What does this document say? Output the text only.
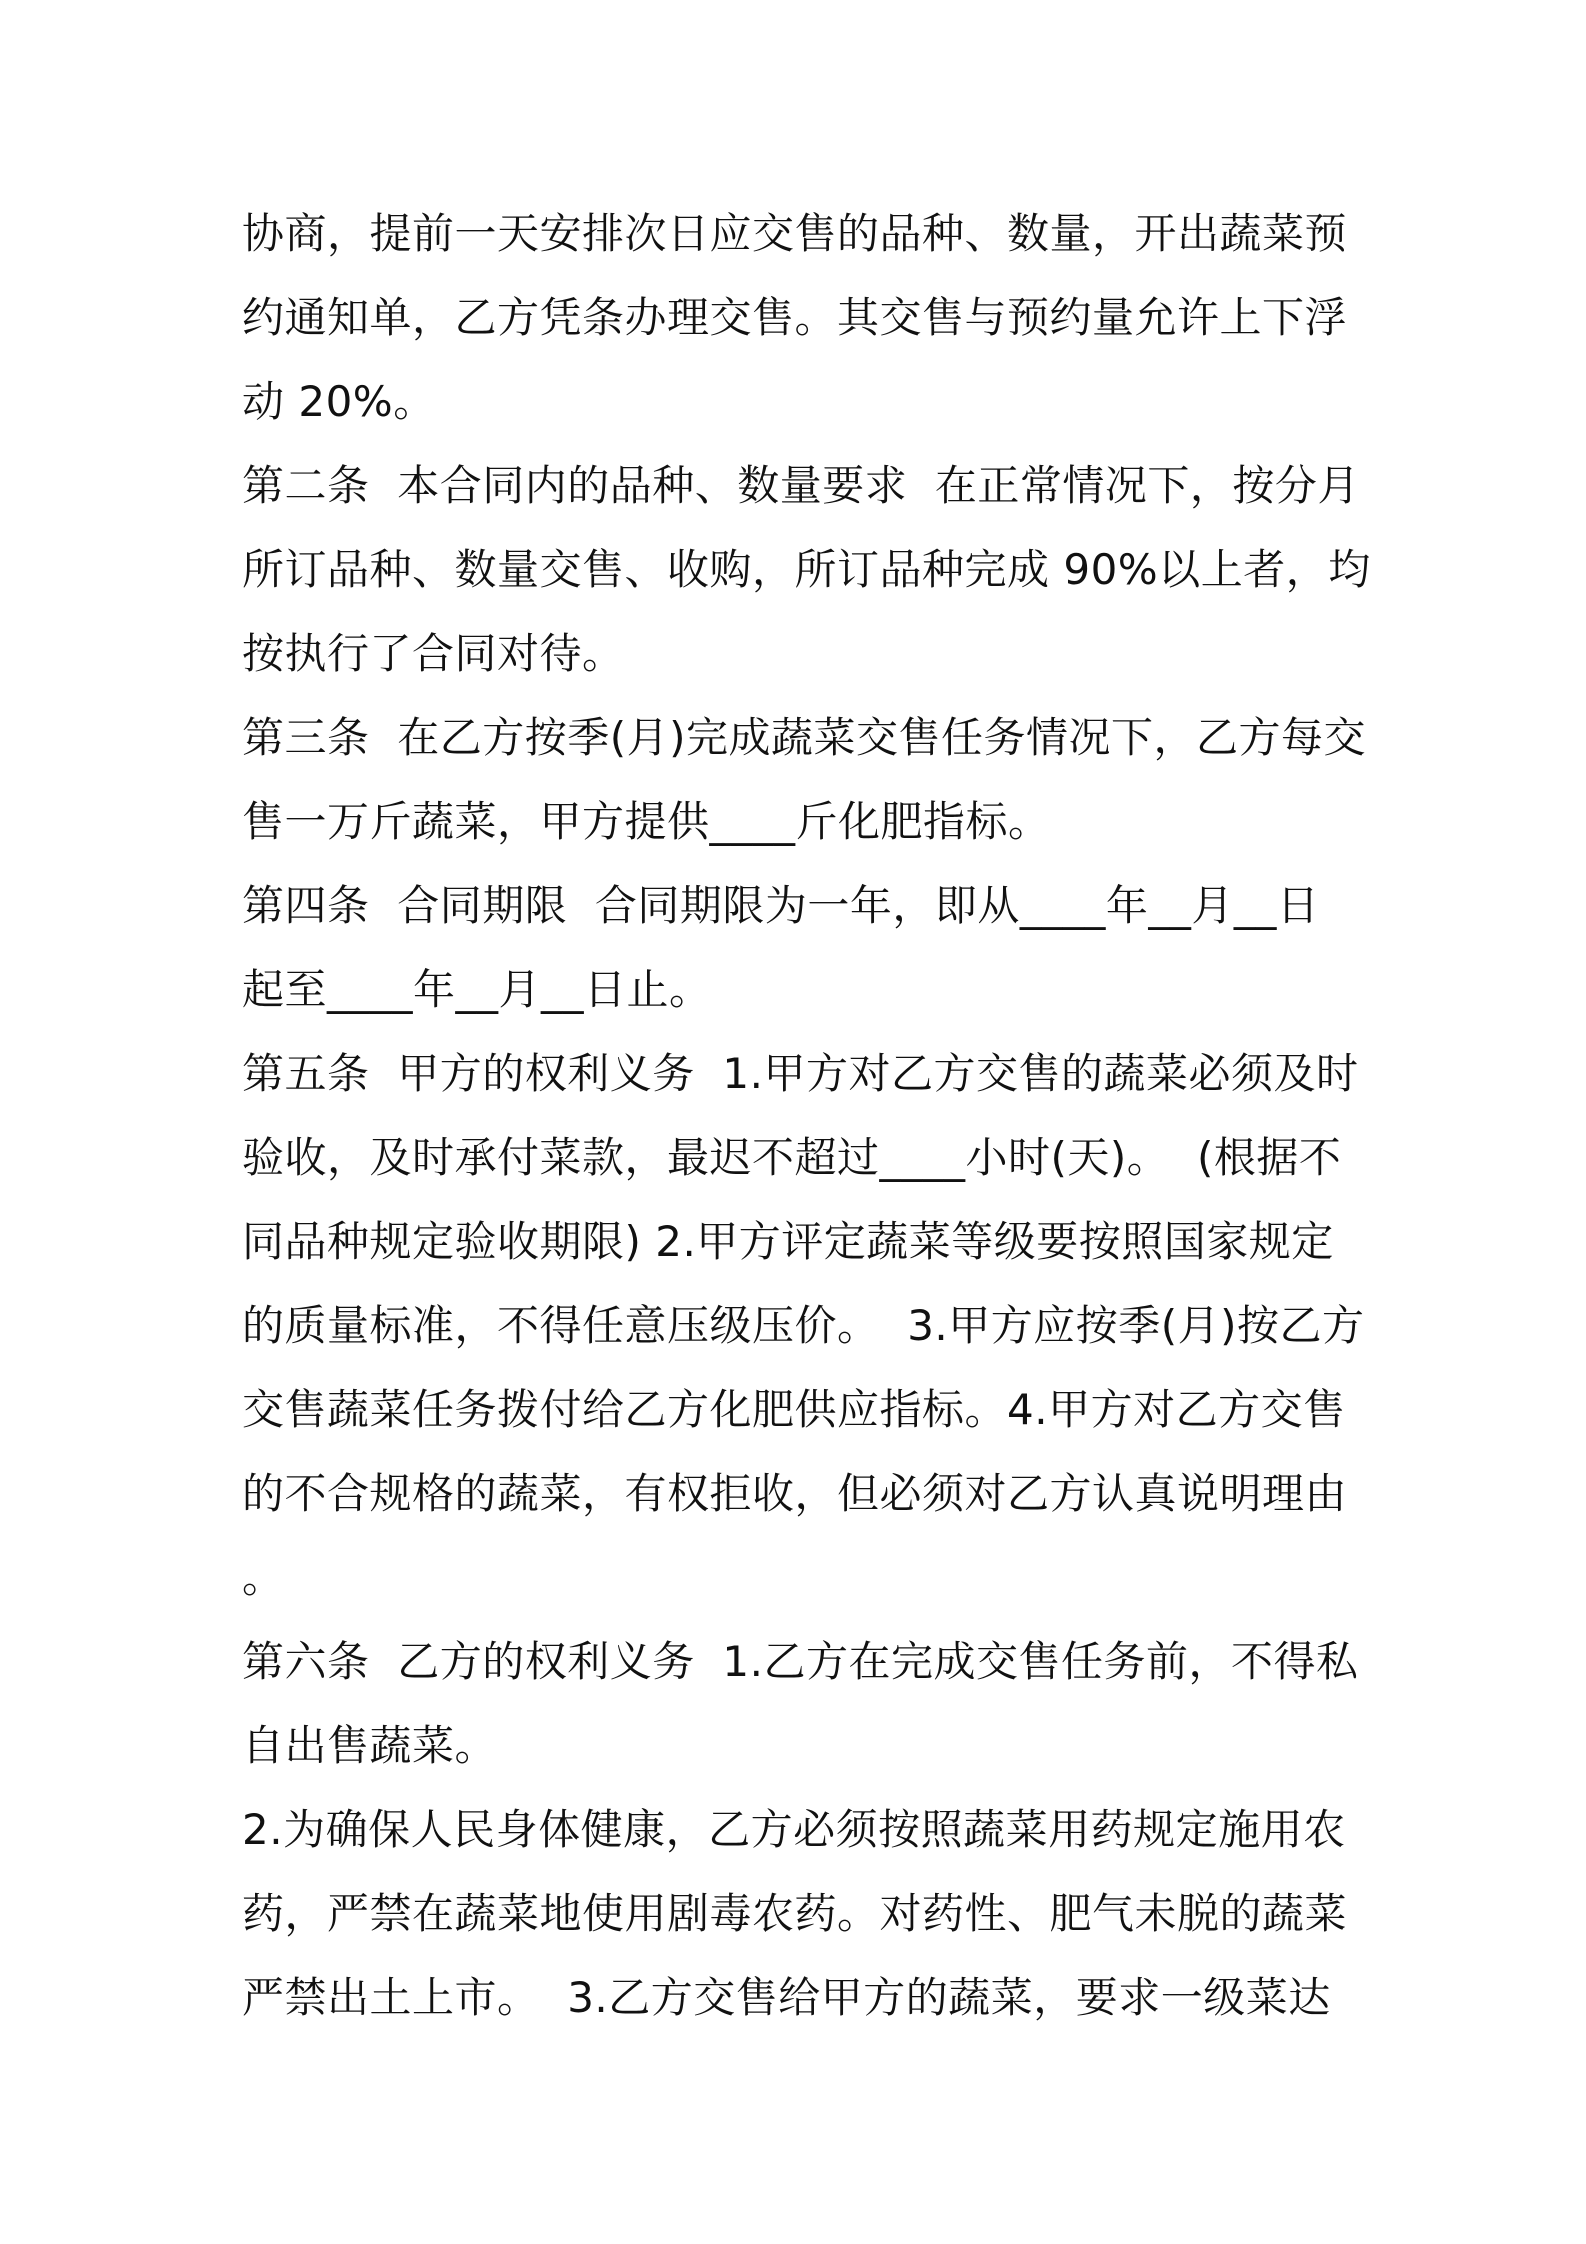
协商，提前一天安排次日应交售的品种、数量，开出蔬菜预
约通知单，乙方凭条办理交售。其交售与预约量允许上下浮
动 20%。
第二条  本合同内的品种、数量要求  在正常情况下，按分月
所订品种、数量交售、收购，所订品种完成 90%以上者，均
按执行了合同对待。
第三条  在乙方按季(月)完成蔬菜交售任务情况下，乙方每交
售一万斤蔬菜，甲方提供____斤化肥指标。
第四条  合同期限  合同期限为一年，即从____年__月__日
起至____年__月__日止。
第五条  甲方的权利义务  1.甲方对乙方交售的蔬菜必须及时
验收，及时承付菜款，最迟不超过____小时(天)。  (根据不
同品种规定验收期限) 2.甲方评定蔬菜等级要按照国家规定
的质量标准，不得任意压级压价。  3.甲方应按季(月)按乙方
交售蔬菜任务拨付给乙方化肥供应指标。4.甲方对乙方交售
的不合规格的蔬菜，有权拒收，但必须对乙方认真说明理由
。
第六条  乙方的权利义务  1.乙方在完成交售任务前，不得私
自出售蔬菜。
2.为确保人民身体健康，乙方必须按照蔬菜用药规定施用农
药，严禁在蔬菜地使用剧毒农药。对药性、肥气未脱的蔬菜
严禁出土上市。  3.乙方交售给甲方的蔬菜，要求一级菜达
